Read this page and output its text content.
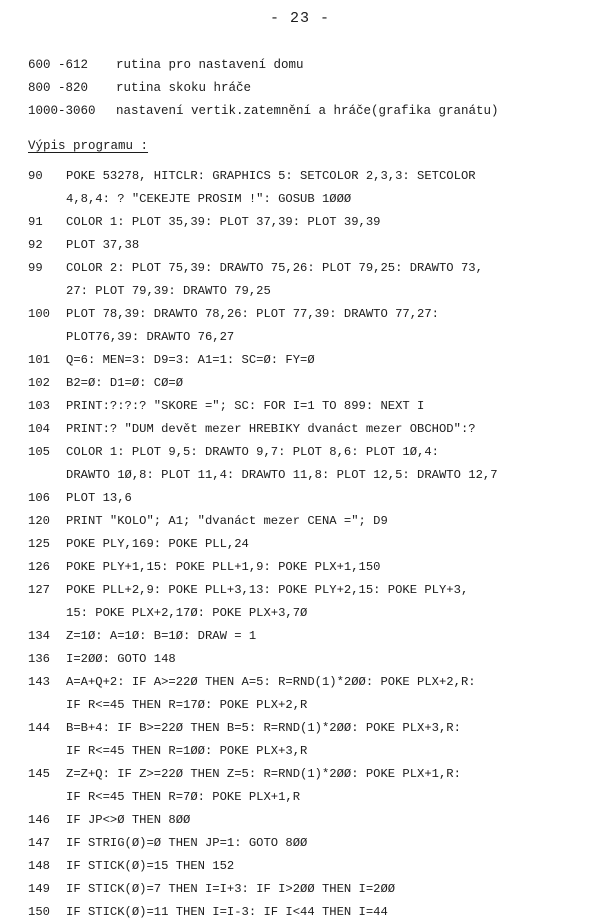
- 23 -
600 -612	rutina pro nastavení domu
800 -820	rutina skoku hráče
1000-3060	nastavení vertik.zatemnění a hráče(grafika granátu)
Výpis programu :
90	POKE 53278, HITCLR: GRAPHICS 5: SETCOLOR 2,3,3: SETCOLOR
4,8,4: ? "CEKEJTE PROSIM !": GOSUB 1ØØØ
91	COLOR 1: PLOT 35,39: PLOT 37,39: PLOT 39,39
92	PLOT 37,38
99	COLOR 2: PLOT 75,39: DRAWTO 75,26: PLOT 79,25: DRAWTO 73,
27: PLOT 79,39: DRAWTO 79,25
100	PLOT 78,39: DRAWTO 78,26: PLOT 77,39: DRAWTO 77,27:
PLOT76,39: DRAWTO 76,27
101	Q=6: MEN=3: D9=3: A1=1: SC=Ø: FY=Ø
102	B2=Ø: D1=Ø: CØ=Ø
103	PRINT:?:?:? "SKORE ="; SC: FOR I=1 TO 899: NEXT I
104	PRINT:? "DUM devět mezer HREBIKY dvanáct mezer OBCHOD":?
105	COLOR 1: PLOT 9,5: DRAWTO 9,7: PLOT 8,6: PLOT 1Ø,4:
DRAWTO 1Ø,8: PLOT 11,4: DRAWTO 11,8: PLOT 12,5: DRAWTO 12,7
106	PLOT 13,6
120	PRINT "KOLO"; A1; "dvanáct mezer CENA ="; D9
125	POKE PLY,169: POKE PLL,24
126	POKE PLY+1,15: POKE PLL+1,9: POKE PLX+1,150
127	POKE PLL+2,9: POKE PLL+3,13: POKE PLY+2,15: POKE PLY+3,
15: POKE PLX+2,17Ø: POKE PLX+3,7Ø
134	Z=1Ø: A=1Ø: B=1Ø: DRAW = 1
136	I=2ØØ: GOTO 148
143	A=A+Q+2: IF A>=22Ø THEN A=5: R=RND(1)*2ØØ: POKE PLX+2,R:
IF R<=45 THEN R=17Ø: POKE PLX+2,R
144	B=B+4: IF B>=22Ø THEN B=5: R=RND(1)*2ØØ: POKE PLX+3,R:
IF R<=45 THEN R=1ØØ: POKE PLX+3,R
145	Z=Z+Q: IF Z>=22Ø THEN Z=5: R=RND(1)*2ØØ: POKE PLX+1,R:
IF R<=45 THEN R=7Ø: POKE PLX+1,R
146	IF JP<>Ø THEN 8ØØ
147	IF STRIG(Ø)=Ø THEN JP=1: GOTO 8ØØ
148	IF STICK(Ø)=15 THEN 152
149	IF STICK(Ø)=7 THEN I=I+3: IF I>2ØØ THEN I=2ØØ
150	IF STICK(Ø)=11 THEN I=I-3: IF I<44 THEN I=44
